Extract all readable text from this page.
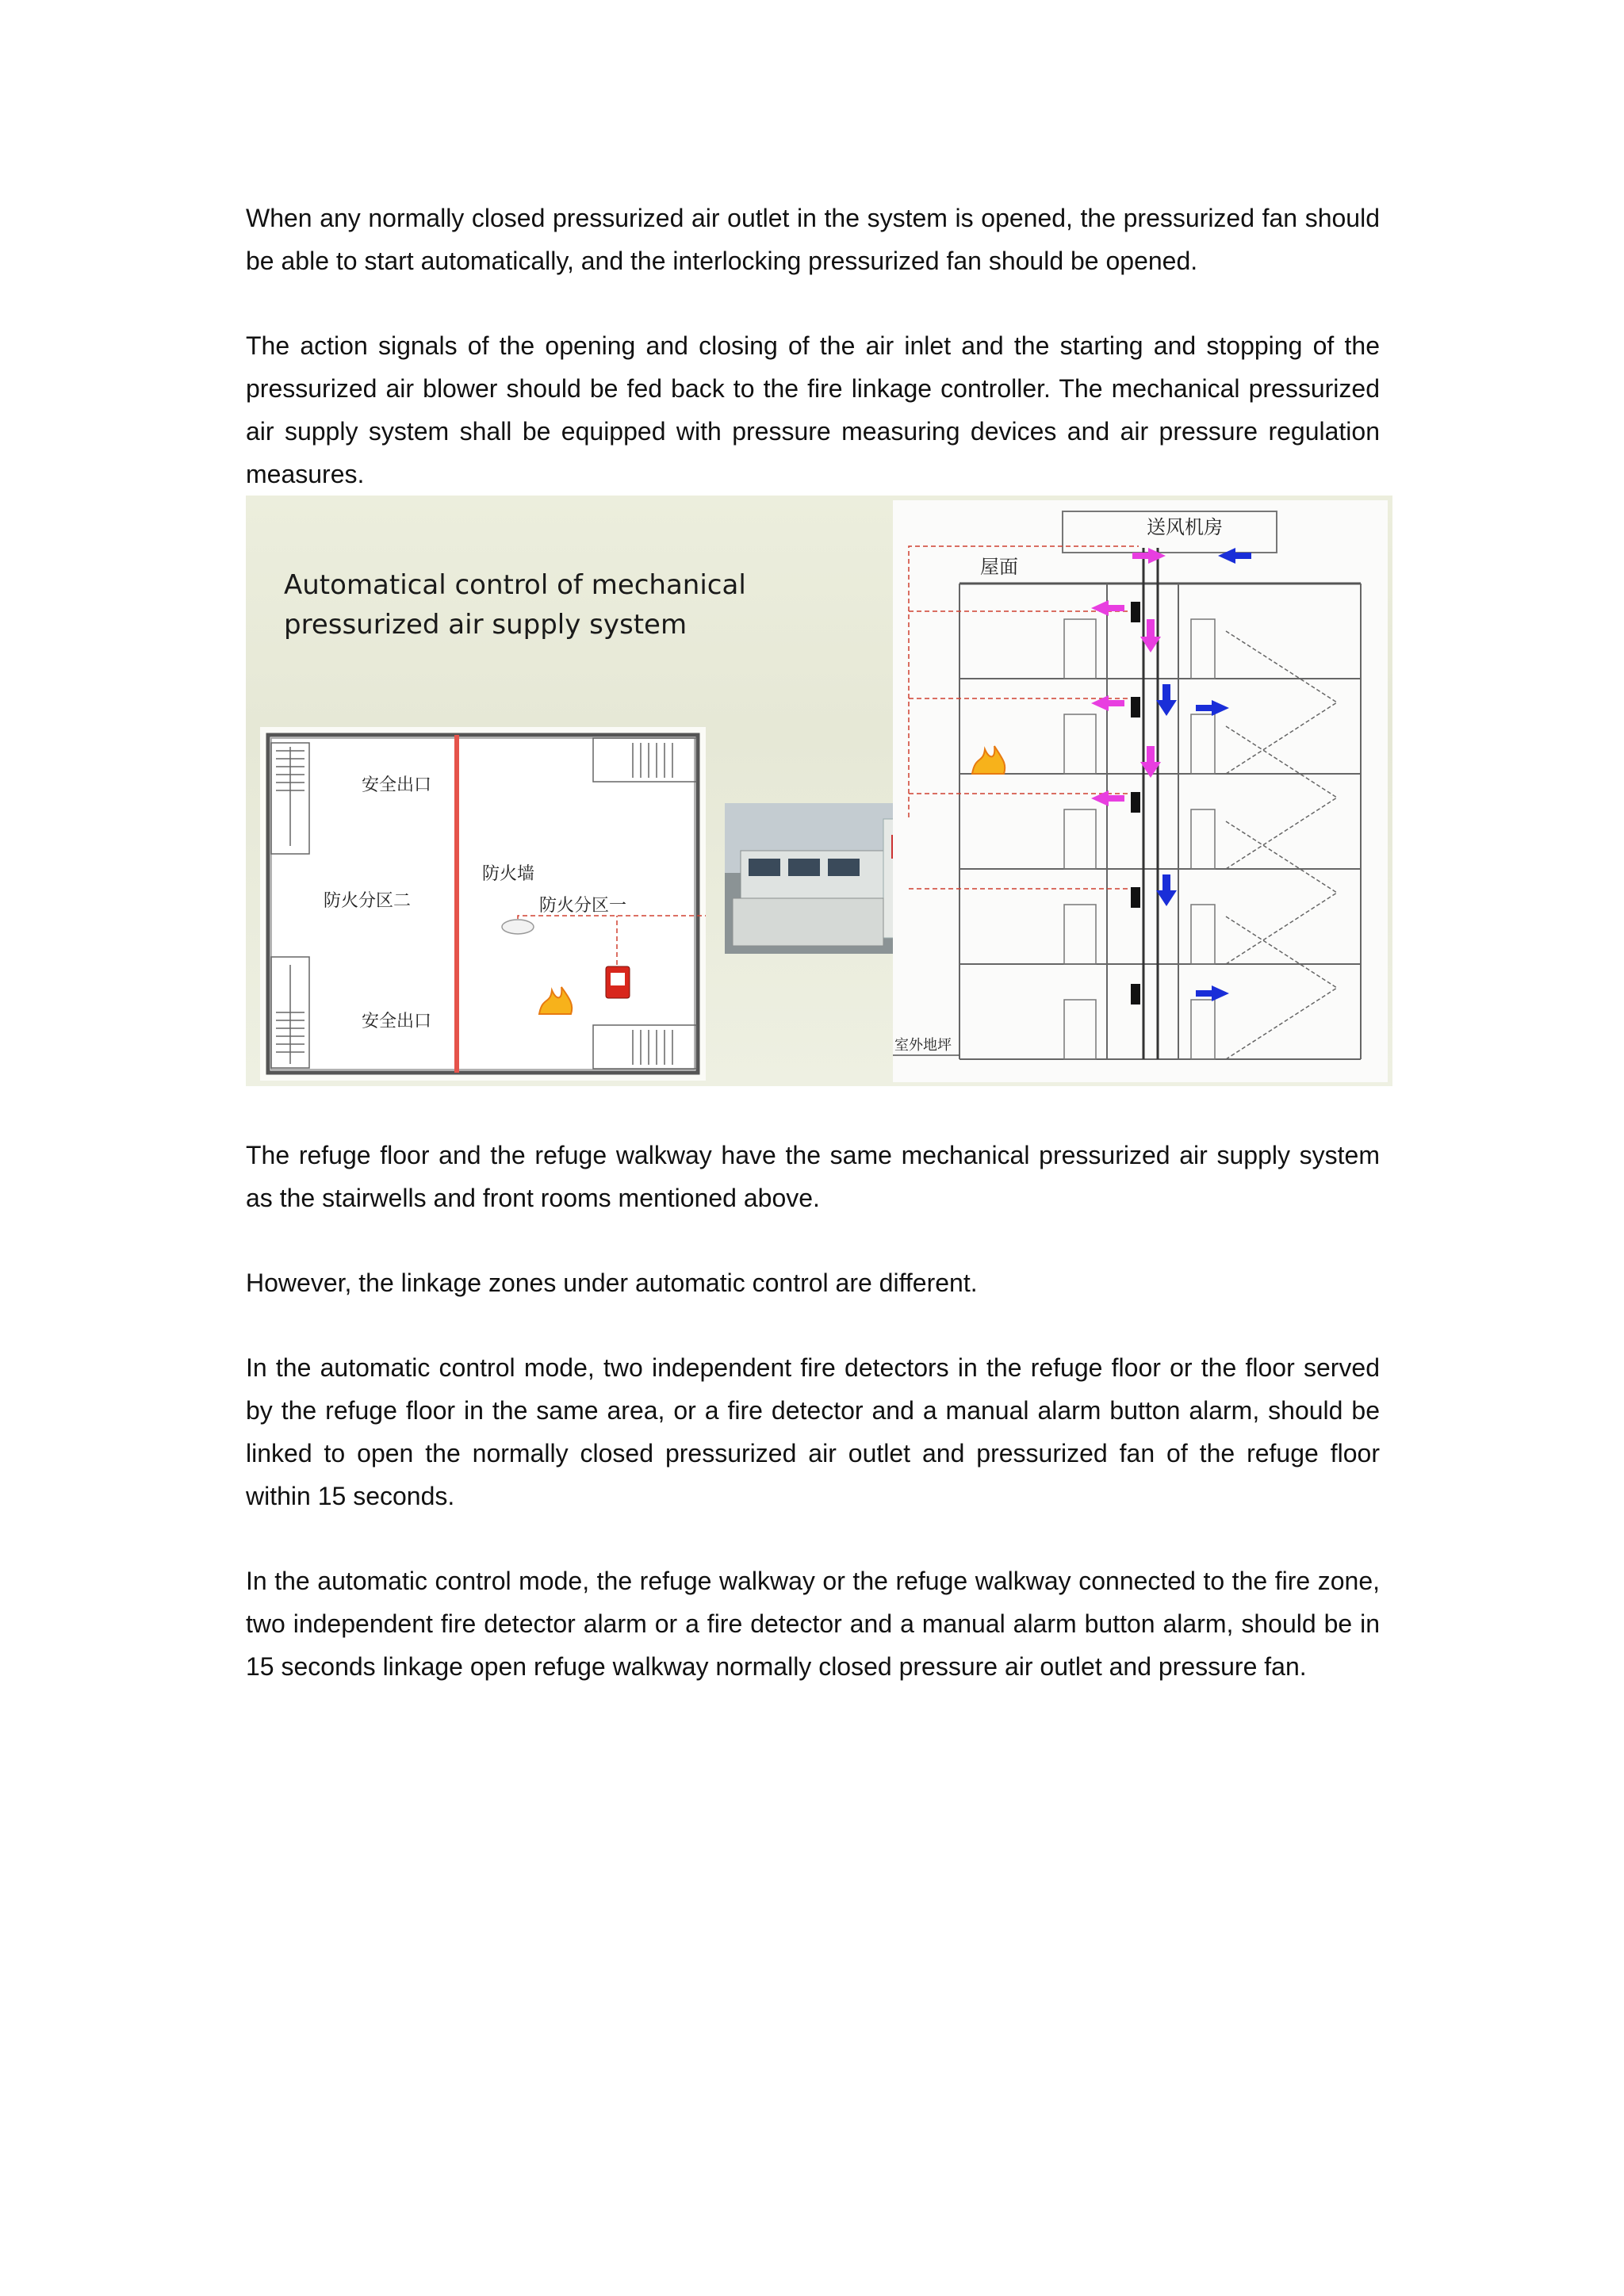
When any normally closed pressurized air outlet in the system is opened, the pressurized fan should be able to start automatically, and the interlocking pressurized fan should be opened.

The action signals of the opening and closing of the air inlet and the starting and stopping of the pressurized air blower should be fed back to the fire linkage controller. The mechanical pressurized air supply system shall be equipped with pressure measuring devices and air pressure regulation measures.

Automatical control of mechanical
pressurized air supply system
安全出口
安全出口
防火分区二
防火墙
防火分区一
送风机房
屋面
室外地坪

The refuge floor and the refuge walkway have the same mechanical pressurized air supply system as the stairwells and front rooms mentioned above.

However, the linkage zones under automatic control are different.

In the automatic control mode, two independent fire detectors in the refuge floor or the floor served by the refuge floor in the same area, or a fire detector and a manual alarm button alarm, should be linked to open the normally closed pressurized air outlet and pressurized fan of the refuge floor within 15 seconds.

In the automatic control mode, the refuge walkway or the refuge walkway connected to the fire zone, two independent fire detector alarm or a fire detector and a manual alarm button alarm, should be in 15 seconds linkage open refuge walkway normally closed pressure air outlet and pressure fan.
